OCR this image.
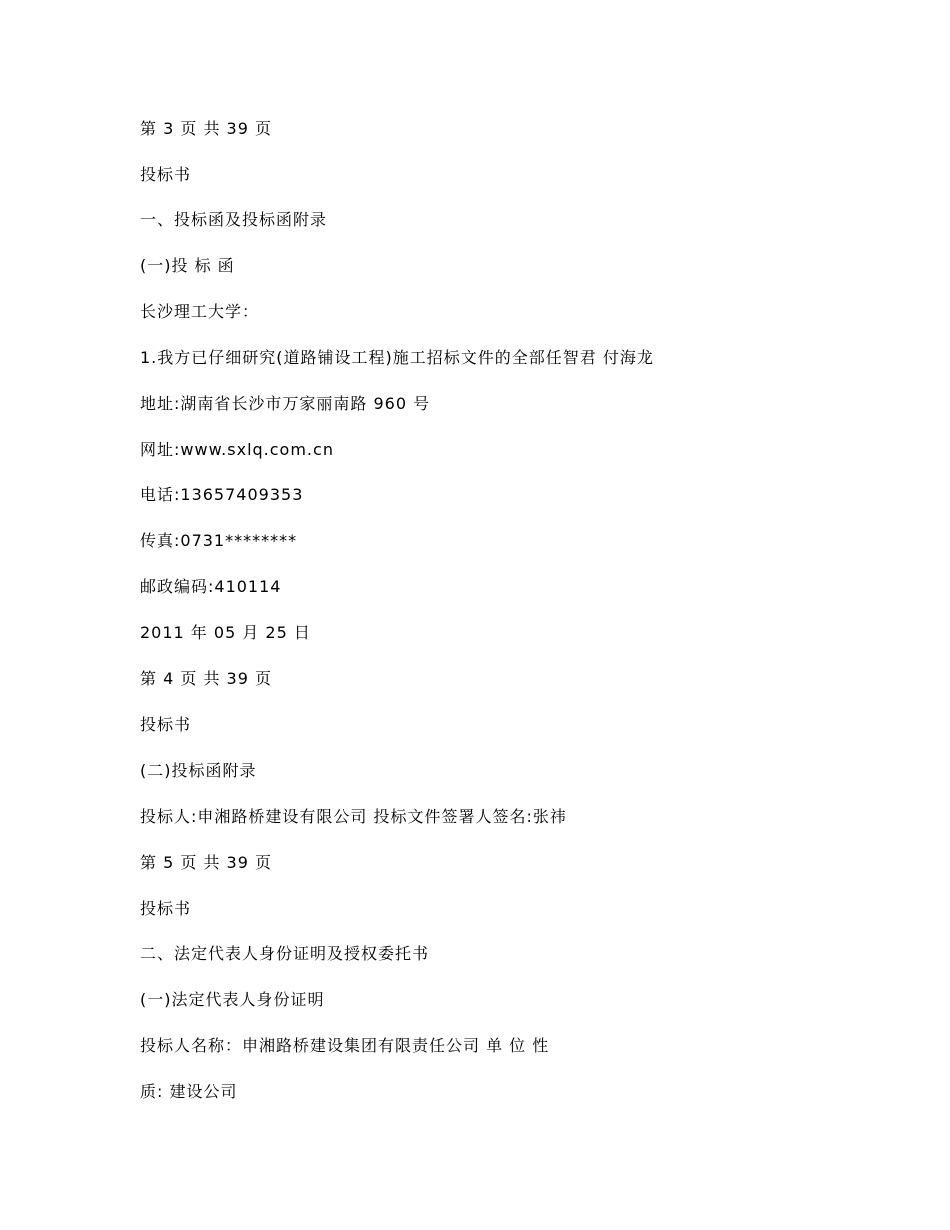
第 3 页 共 39 页
投标书
一、投标函及投标函附录
(一)投 标 函
长沙理工大学：
1.我方已仔细研究(道路铺设工程)施工招标文件的全部任智君 付海龙
地址:湖南省长沙市万家丽南路 960 号
网址:www.sxlq.com.cn
电话:13657409353
传真:0731********
邮政编码:410114
2011 年 05 月 25 日
第 4 页 共 39 页
投标书
(二)投标函附录
投标人:申湘路桥建设有限公司 投标文件签署人签名:张祎
第 5 页 共 39 页
投标书
二、法定代表人身份证明及授权委托书
(一)法定代表人身份证明
投标人名称：申湘路桥建设集团有限责任公司 单 位 性
质: 建设公司
